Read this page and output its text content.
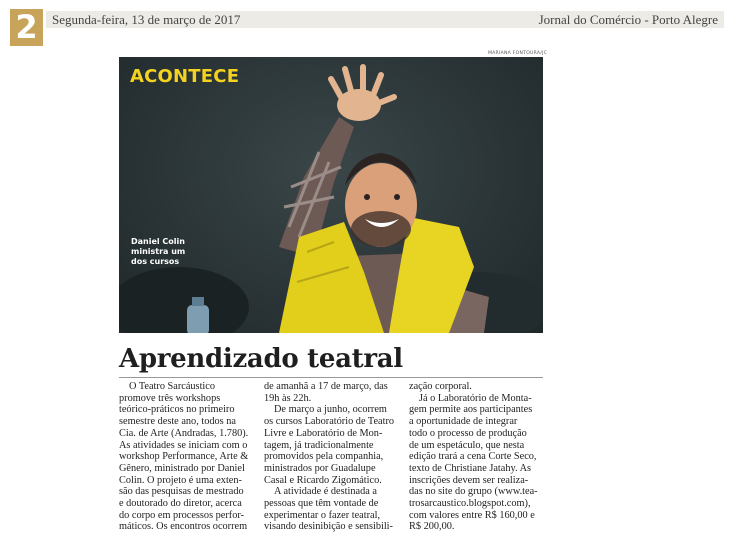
2	Segunda-feira, 13 de março de 2017	Jornal do Comércio - Porto Alegre
MARIANA FONTOURA/JC
ACONTECE
Daniel Colin
ministra um
dos cursos
Aprendizado teatral
O Teatro Sarcáustico
promove três workshops
teórico-práticos no primeiro
semestre deste ano, todos na
Cia. de Arte (Andradas, 1.780).
As atividades se iniciam com o
workshop Performance, Arte &
Gênero, ministrado por Daniel
Colin. O projeto é uma exten-
são das pesquisas de mestrado
e doutorado do diretor, acerca
do corpo em processos perfor-
máticos. Os encontros ocorrem
de amanhã a 17 de março, das
19h às 22h.
De março a junho, ocorrem
os cursos Laboratório de Teatro
Livre e Laboratório de Mon-
tagem, já tradicionalmente
promovidos pela companhia,
ministrados por Guadalupe
Casal e Ricardo Zigomático.
A atividade é destinada a
pessoas que têm vontade de
experimentar o fazer teatral,
visando desinibição e sensibili-
zação corporal.
Já o Laboratório de Monta-
gem permite aos participantes
a oportunidade de integrar
todo o processo de produção
de um espetáculo, que nesta
edição trará a cena Corte Seco,
texto de Christiane Jatahy. As
inscrições devem ser realiza-
das no site do grupo (www.tea-
trosarcaustico.blogspot.com),
com valores entre R$ 160,00 e
R$ 200,00.
